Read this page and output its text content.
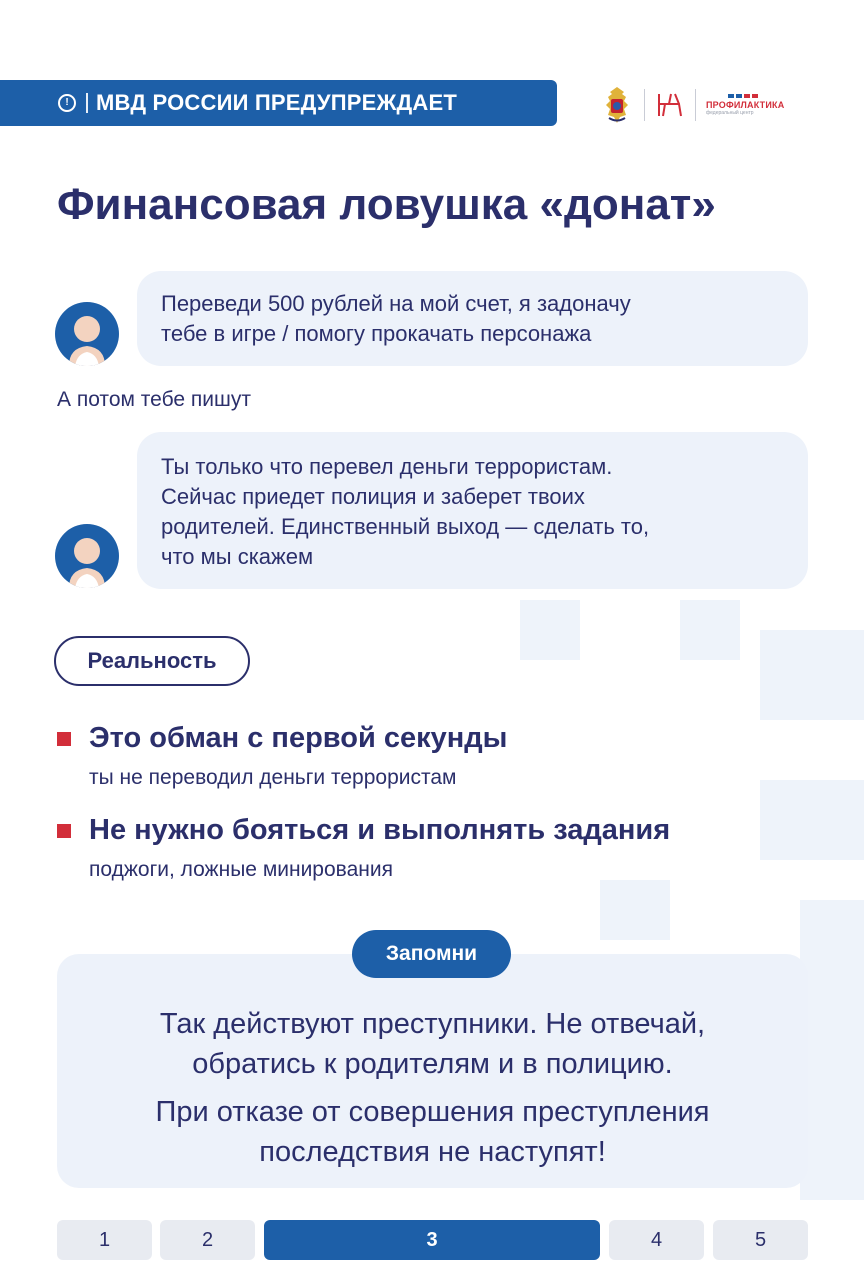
!	МВД РОССИИ ПРЕДУПРЕЖДАЕТ	ПРОФИЛАКТИКА
федеральный центр
Финансовая ловушка «донат»
Переведи 500 рублей на мой счет, я задоначу
тебе в игре / помогу прокачать персонажа
А потом тебе пишут
Ты только что перевел деньги террористам.
Сейчас приедет полиция и заберет твоих
родителей. Единственный выход — сделать то,
что мы скажем
Реальность
Это обман с первой секунды
ты не переводил деньги террористам
Не нужно бояться и выполнять задания
поджоги, ложные минирования
Запомни

Так действуют преступники. Не отвечай,
обратись к родителям и в полицию.

При отказе от совершения преступления
последствия не наступят!

1	2	3	4	5
